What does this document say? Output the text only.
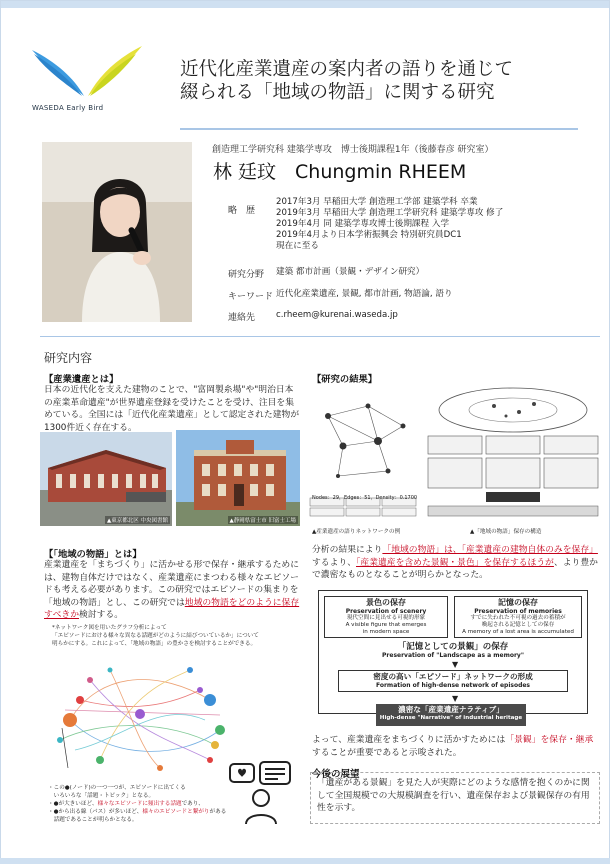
WASEDA Early Bird
近代化産業遺産の案内者の語りを通じて
綴られる「地域の物語」に関する研究
創造理工学研究科 建築学専攻　博士後期課程1年（後藤春彦 研究室）
林 廷玟　Chungmin RHEEM
略　歴
2017年3月 早稲田大学 創造理工学部 建築学科 卒業
2019年3月 早稲田大学 創造理工学研究科 建築学専攻 修了
2019年4月 同 建築学専攻博士後期課程 入学
2019年4月より日本学術振興会 特別研究員DC1
現在に至る
研究分野 建築 都市計画（景観・デザイン研究）
キーワード 近代化産業遺産, 景観, 都市計画, 物語論, 語り
連絡先 c.rheem@kurenai.waseda.jp
研究内容
【産業遺産とは】
日本の近代化を支えた建物のことで、"富岡製糸場"や"明治日本の産業革命遺産"が世界遺産登録を受けたことを受け、注目を集めている。全国には「近代化産業遺産」として認定された建物が1300件近く存在する。
▲東京都北区 中央図書館	▲静岡県富士市 旧富士工場
【「地域の物語」とは】
産業遺産を「まちづくり」に活かせる形で保存・継承するためには、建物自体だけではなく、産業遺産にまつわる様々なエピソードも考える必要があります。この研究ではエピソードの集まりを「地域の物語」とし、この研究では地域の物語をどのように保存すべきか検討する。
*ネットワーク図を用いたグラフ分析によって
「エピソードにおける様々な異なる話題がどのように結びついているか」について
明らかにする。これによって、「地域の物語」の豊かさを検討することができる。
・この●(ノード)の一つ一つが、エピソードに出てくる
　いろいろな「話題・トピック」となる。
・●が大きいほど、様々なエピソードに頻出する話題であり、
・●から出る線（パス）が多いほど、様々のエピソードと繋がりがある
　話題であることが明らかとなる。
【研究の結果】
Nodes：29，Edges：51，Density：0.1700
▲産業遺産の語りネットワークの例	▲「地域の物語」保存の構造
分析の結果により「地域の物語」は、「産業遺産の建物自体のみを保存」するより、「産業遺産を含めた景観・景色」を保存するほうが、より豊かで濃密なものとなることが明らかとなった。
景色の保存
Preservation of scenery
現代空間に見出せる可視的形象
A visible figure that emerges
in modern space
記憶の保存
Preservation of memories
すでに失われた不可視の過去の蓄積が
喚起される記憶としての保存
A memory of a lost area is accumulated
「記憶としての景観」の保存
Preservation of "Landscape as a memory"
▼
密度の高い「エピソード」ネットワークの形成
Formation of high-dense network of episodes
▼
濃密な「産業遺産ナラティブ」
High-dense "Narrative" of industrial heritage
よって、産業遺産をまちづくりに活かすためには「景観」を保存・継承することが重要であると示唆された。
今後の展望
「遺産がある景観」を見た人が実際にどのような感情を抱くのかに関して全国規模での大規模調査を行い、遺産保存および景観保存の有用性を示す。
